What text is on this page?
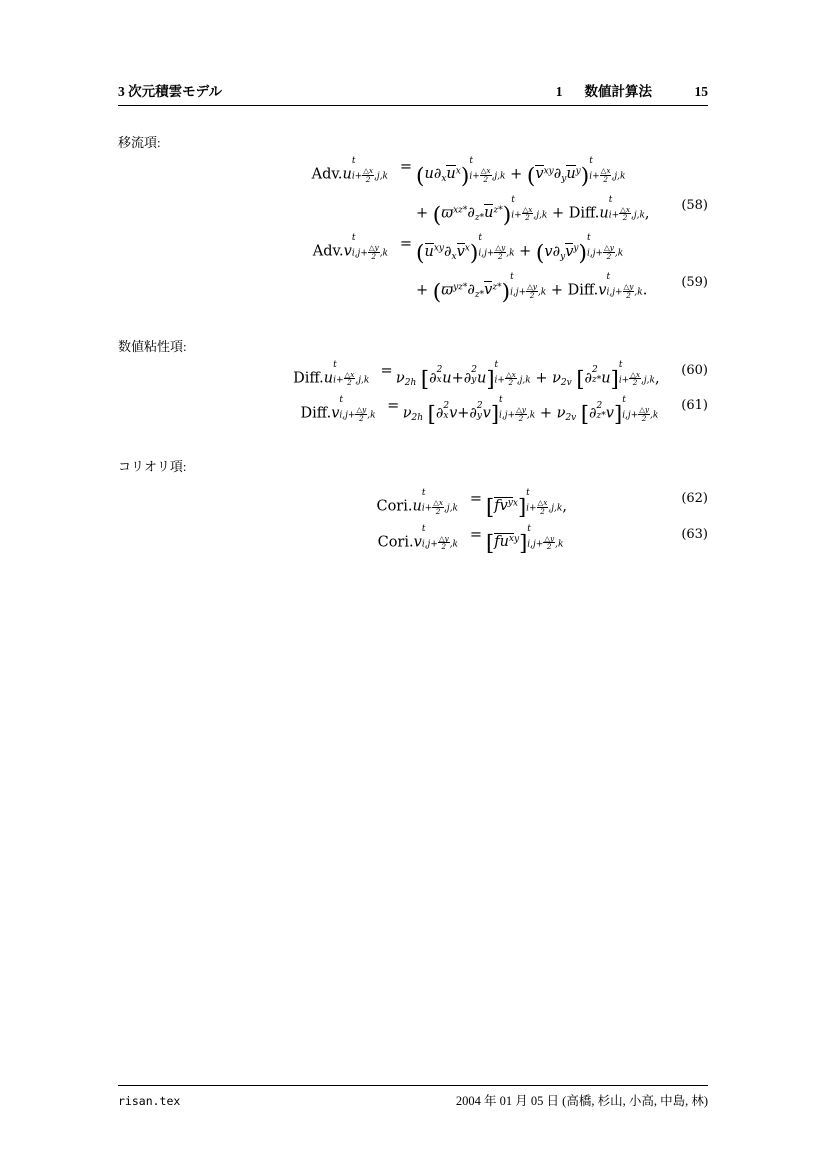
3 次元積雲モデル	1 数値計算法	15
移流項:
Adv.u
t
$i+ \frac{\triangle x}{2} ,j,k$
= $(u\partial_xu^x)$
t
$i+ \frac{\triangle x}{2} ,j,k + (v^{xy}\partial_yu^y)$
t
$i+ \frac{\triangle x}{2} ,j,k$

+ $(ϖ^{xz*}\partial_{z*}u^{z*})$
t
$i+ \frac{\triangle x}{2} ,j,k$ + Diff.u
t
$i+ \frac{\triangle x}{2} ,j,k$ ,	(58)
Adv.v
t
$i,j+ \frac{\triangle y}{2} ,k$
= $(u^{xy}\partial_xv^x)$
t
$i,j+ \frac{\triangle y}{2} ,k + (v\partial_yv^y)$
t
$i,j+ \frac{\triangle y}{2} ,k$

+ $(ϖ^{yz*}\partial_{z*}v^{z*})$
t
$i,j+ \frac{\triangle y}{2} ,k$ + Diff.v
t
$i,j+ \frac{\triangle y}{2} ,k$ .	(59)
数値粘性項:
Diff.u
t
$i+ \frac{\triangle x}{2} ,j,k$
= $\nu_{2h}$ [∂ 2
x u+∂ 2
y u]
t
$i+ \frac{\triangle x}{2} ,j,k + \nu_{2v}$ [∂ 2
z* u]
t
$i+ \frac{\triangle x}{2} ,j,k$ ,	(60)
Diff.v
t
$i,j+ \frac{\triangle y}{2} ,k$
= $\nu_{2h}$ [∂ 2
x v+∂ 2
y v]
t
$i,j+ \frac{\triangle y}{2} ,k + \nu_{2v}$ [∂ 2
z* v]
t
$i,j+ \frac{\triangle y}{2} ,k$
(61)
コリオリ項:
Cori.u
t
$i+ \frac{\triangle x}{2} ,j,k$
= $[fv^{yx}]$
t
$i+ \frac{\triangle x}{2} ,j,k$ ,	(62)
Cori.v
t
$i,j+ \frac{\triangle y}{2} ,k$
= $[fu^{xy}]$
t
$i,j+ \frac{\triangle y}{2} ,k$
(63)
risan.tex	2004 年 01 月 05 日 (高橋, 杉山, 小高, 中島, 林)
